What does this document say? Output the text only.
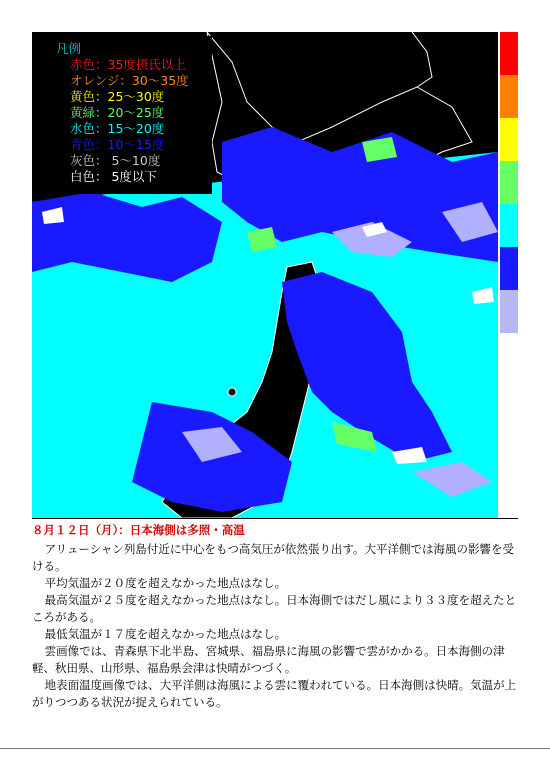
凡例
赤色：35度摂氏以上
オレンジ：30〜35度
黄色：25〜30度
黄緑：20〜25度
水色：15〜20度
青色：10〜15度
灰色： 5〜10度
白色： 5度以下
８月１２日（月）：日本海側は多照・高温
アリューシャン列島付近に中心をもつ高気圧が依然張り出す。大平洋側では海風の影響を受ける。
平均気温が２０度を超えなかった地点はなし。
最高気温が２５度を超えなかった地点はなし。日本海側ではだし風により３３度を超えたところがある。
最低気温が１７度を超えなかった地点はなし。
雲画像では、青森県下北半島、宮城県、福島県に海風の影響で雲がかかる。日本海側の津軽、秋田県、山形県、福島県会津は快晴がつづく。
地表面温度画像では、大平洋側は海風による雲に覆われている。日本海側は快晴。気温が上がりつつある状況が捉えられている。
